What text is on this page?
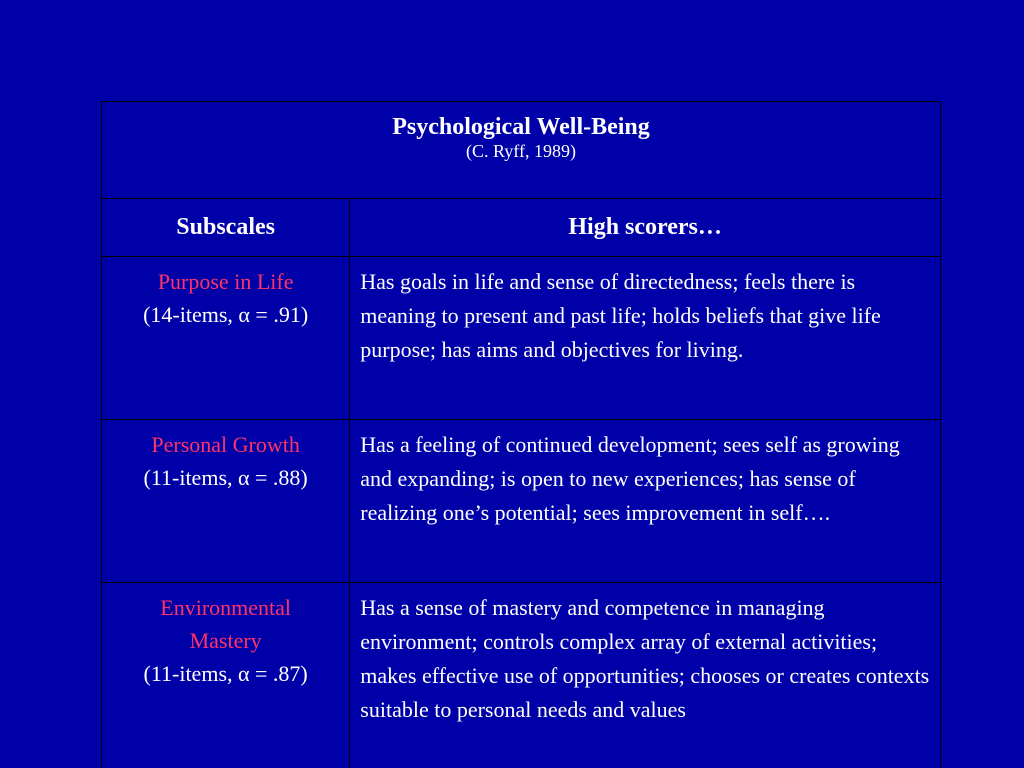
Psychological Well-Being
(C. Ryff, 1989)	

Subscales	High scorers…

Purpose in Life
(14-items, α = .91)	Has goals in life and sense of directedness; feels there is meaning to present and past life; holds beliefs that give life purpose; has aims and objectives for living.

Personal Growth
(11-items, α = .88)	Has a feeling of continued development; sees self as growing and expanding; is open to new experiences; has sense of realizing one’s potential; sees improvement in self….

Environmental Mastery
(11-items, α = .87)	Has a sense of mastery and competence in managing environment; controls complex array of external activities; makes effective use of opportunities; chooses or creates contexts suitable to personal needs and values
